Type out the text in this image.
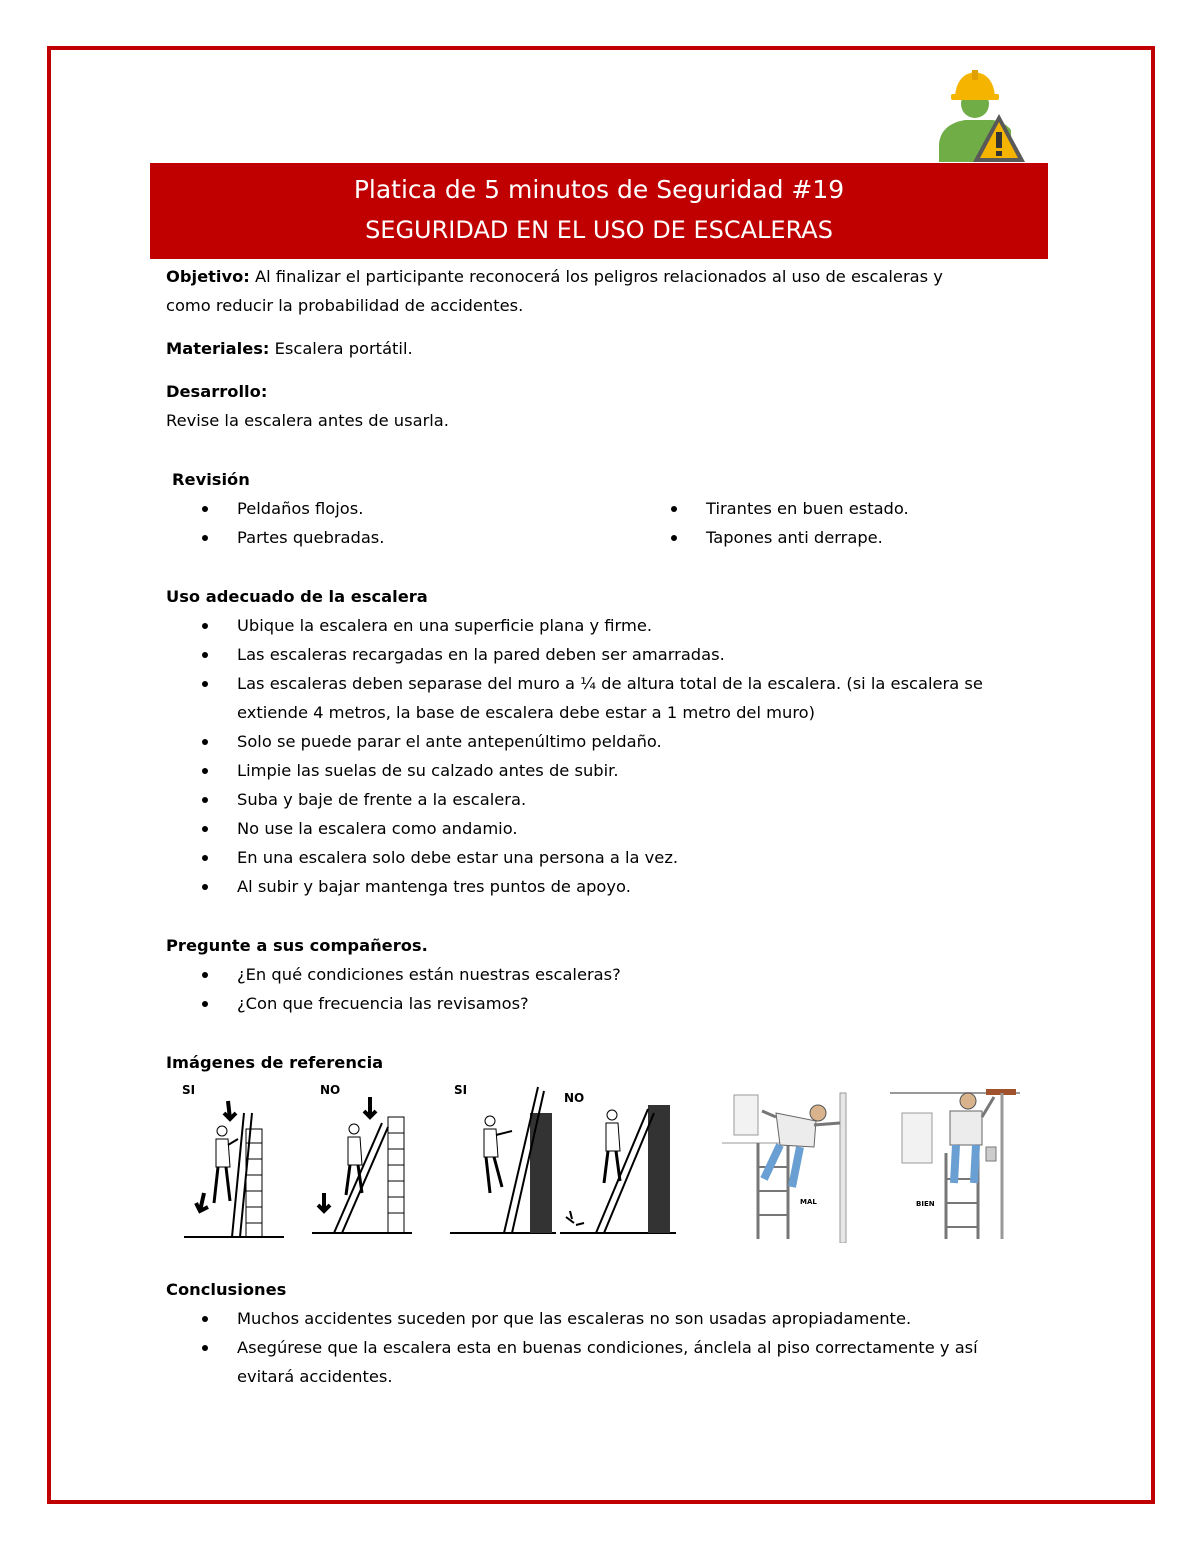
Platica de 5 minutos de Seguridad #19
SEGURIDAD EN EL USO DE ESCALERAS

Objetivo: Al finalizar el participante reconocerá los peligros relacionados al uso de escaleras y

como reducir la probabilidad de accidentes.

Materiales: Escalera portátil.

Desarrollo:

Revise la escalera antes de usarla.

Revisión

Peldaños flojos.
Partes quebradas.
Tirantes en buen estado.
Tapones anti derrape.

Uso adecuado de la escalera

Ubique la escalera en una superficie plana y firme.
Las escaleras recargadas en la pared deben ser amarradas.
Las escaleras deben separase del muro a ¼ de altura total de la escalera. (si la escalera se
extiende 4 metros, la base de escalera debe estar a 1 metro del muro)
Solo se puede parar el ante antepenúltimo peldaño.
Limpie las suelas de su calzado antes de subir.
Suba y baje de frente a la escalera.
No use la escalera como andamio.
En una escalera solo debe estar una persona a la vez.
Al subir y bajar mantenga tres puntos de apoyo.

Pregunte a sus compañeros.

¿En qué condiciones están nuestras escaleras?
¿Con que frecuencia las revisamos?

Imágenes de referencia

SI	NO	SI
NO
MAL	BIEN

Conclusiones

Muchos accidentes suceden por que las escaleras no son usadas apropiadamente.
Asegúrese que la escalera esta en buenas condiciones, ánclela al piso correctamente y así
evitará accidentes.
